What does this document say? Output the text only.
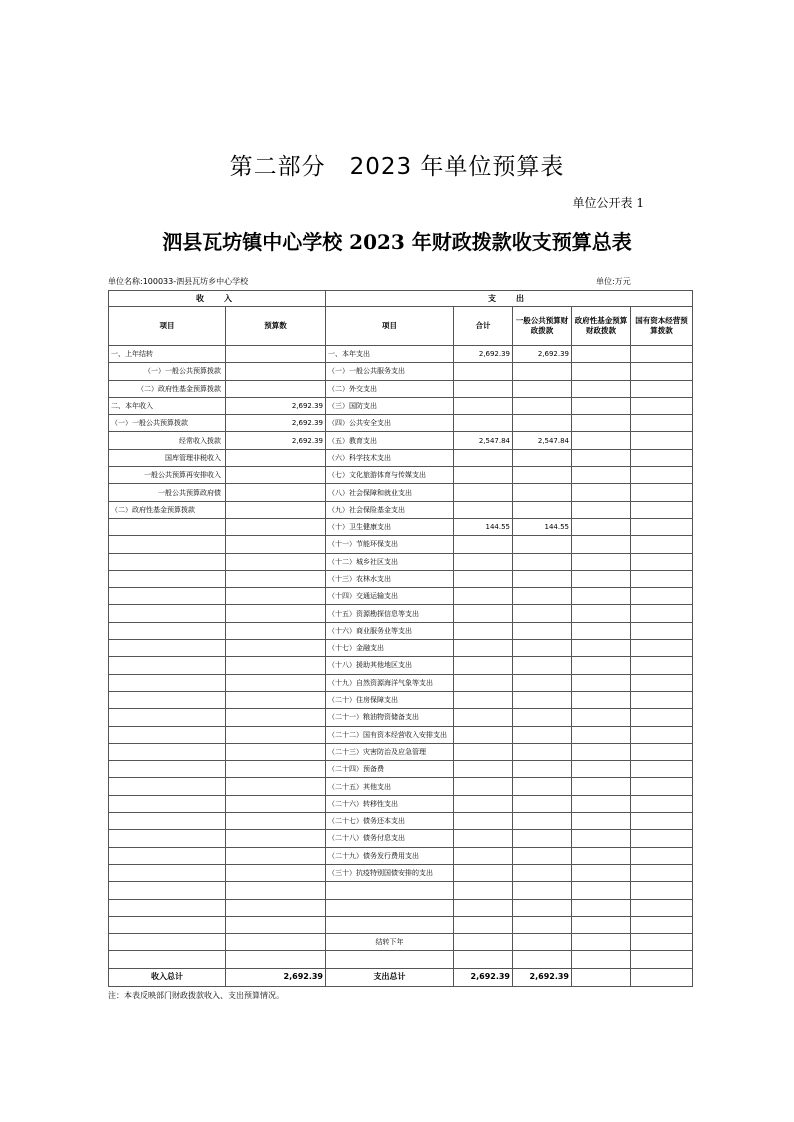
第二部分　2023 年单位预算表
单位公开表 1
泗县瓦坊镇中心学校 2023 年财政拨款收支预算总表
单位名称:100033-泗县瓦坊乡中心学校	单位:万元
收　入		支　出				
项目	预算数	项目	合计	一般公共预算财政拨款	政府性基金预算财政拨款	国有资本经营预算拨款
一、上年结转		一、本年支出	2,692.39	2,692.39		
（一）一般公共预算拨款		（一）一般公共服务支出				
（二）政府性基金预算拨款		（二）外交支出				
二、本年收入	2,692.39	（三）国防支出				
（一）一般公共预算拨款	2,692.39	（四）公共安全支出				
经常收入拨款	2,692.39	（五）教育支出	2,547.84	2,547.84		
国库管理非税收入		（六）科学技术支出				
一般公共预算再安排收入		（七）文化旅游体育与传媒支出				
一般公共预算政府债		（八）社会保障和就业支出				
（二）政府性基金预算拨款		（九）社会保险基金支出				
		（十）卫生健康支出	144.55	144.55		
		（十一）节能环保支出				
		（十二）城乡社区支出				
		（十三）农林水支出				
		（十四）交通运输支出				
		（十五）资源勘探信息等支出				
		（十六）商业服务业等支出				
		（十七）金融支出				
		（十八）援助其他地区支出				
		（十九）自然资源海洋气象等支出				
		（二十）住房保障支出				
		（二十一）粮油物资储备支出				
		（二十二）国有资本经营收入安排支出				
		（二十三）灾害防治及应急管理				
		（二十四）预备费				
		（二十五）其他支出				
		（二十六）转移性支出				
		（二十七）债务还本支出				
		（二十八）债务付息支出				
		（二十九）债务发行费用支出				
		（三十）抗疫特别国债安排的支出				

		结转下年				

收入总计	2,692.39	支出总计	2,692.39	2,692.39		
注：本表反映部门财政拨款收入、支出预算情况。
